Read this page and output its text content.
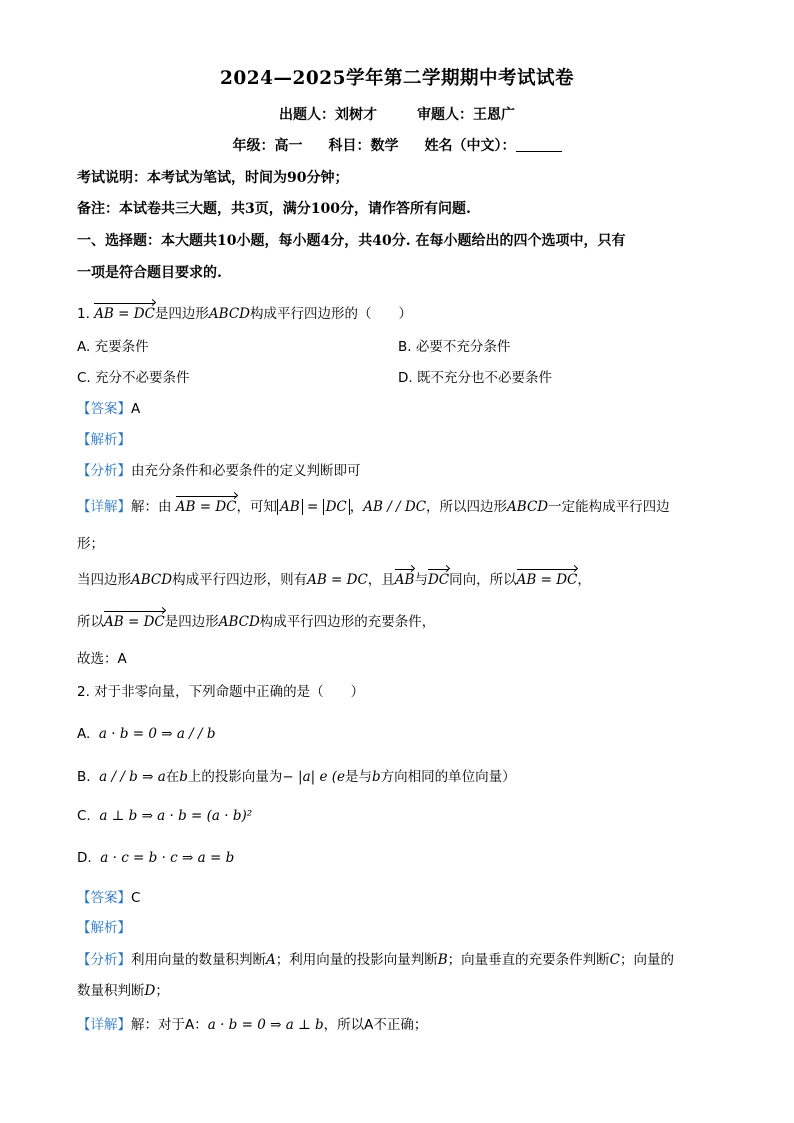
2024—2025学年第二学期期中考试试卷
出题人：刘树才	审题人：王恩广
年级：高一 科目：数学 姓名（中文）：
考试说明：本考试为笔试，时间为90分钟；
备注：本试卷共三大题，共3页，满分100分，请作答所有问题.
一、选择题：本大题共10小题，每小题4分，共40分. 在每小题给出的四个选项中，只有
一项是符合题目要求的.
1. AB = DC是四边形ABCD构成平行四边形的（　　）
A. 充要条件	B. 必要不充分条件
C. 充分不必要条件	D. 既不充分也不必要条件
【答案】A
【解析】
【分析】由充分条件和必要条件的定义判断即可
【详解】解：由 AB = DC，可知 AB = DC ，AB / / DC，所以四边形ABCD一定能构成平行四边
形；
当四边形ABCD构成平行四边形，则有AB = DC，且AB与DC同向，所以AB = DC，
所以AB = DC是四边形ABCD构成平行四边形的充要条件，
故选：A
2. 对于非零向量，下列命题中正确的是（　　）
A. a · b = 0 ⇒ a / / b
B. a / / b ⇒ a在b上的投影向量为− |a| e (e是与b方向相同的单位向量）
C. a ⊥ b ⇒ a · b = (a · b)²
D. a · c = b · c ⇒ a = b
【答案】C
【解析】
【分析】利用向量的数量积判断A；利用向量的投影向量判断B；向量垂直的充要条件判断C；向量的
数量积判断D；
【详解】解：对于A：a · b = 0 ⇒ a ⊥ b，所以A不正确；
